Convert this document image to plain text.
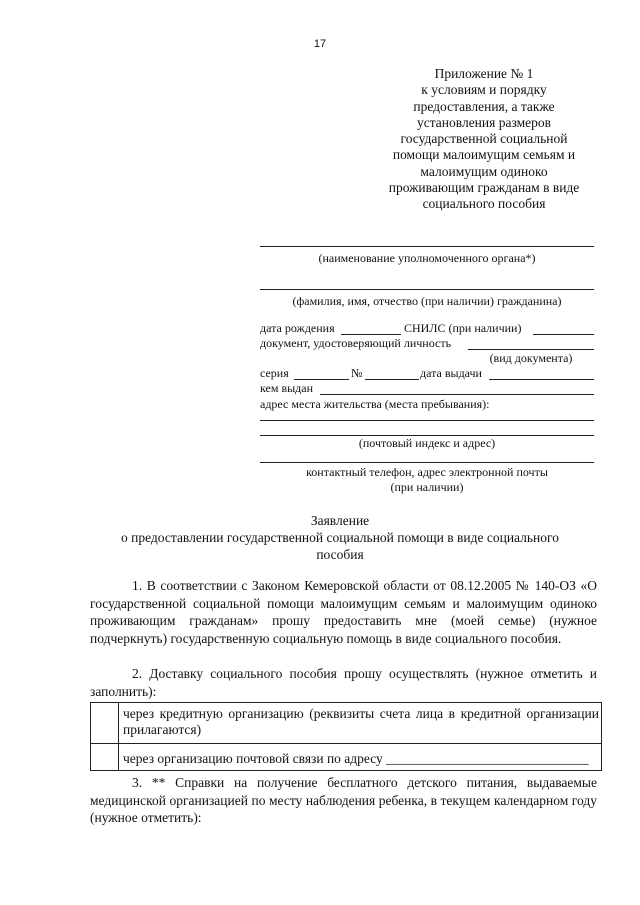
17
Приложение № 1
к условиям и порядку
предоставления, а также
установления размеров
государственной социальной
помощи малоимущим семьям и
малоимущим одиноко
проживающим гражданам в виде
социального пособия
(наименование уполномоченного органа*)
(фамилия, имя, отчество (при наличии) гражданина)
дата рождения	СНИЛС (при наличии)
документ, удостоверяющий личность
(вид документа)
серия	№	дата выдачи
кем выдан
адрес места жительства (места пребывания):
(почтовый индекс и адрес)
контактный телефон, адрес электронной почты
(при наличии)
Заявление
о предоставлении государственной социальной помощи в виде социального
пособия
1. В соответствии с Законом Кемеровской области от 08.12.2005 № 140-ОЗ «О государственной социальной помощи малоимущим семьям и малоимущим одиноко проживающим гражданам» прошу предоставить мне (моей семье) (нужное подчеркнуть) государственную социальную помощь в виде социального пособия.
2. Доставку социального пособия прошу осуществлять (нужное отметить и заполнить):
	через кредитную организацию (реквизиты счета лица в кредитной организации прилагаются)
	через организацию почтовой связи по адресу ______________________________
3. ** Справки на получение бесплатного детского питания, выдаваемые медицинской организацией по месту наблюдения ребенка, в текущем календарном году (нужное отметить):
